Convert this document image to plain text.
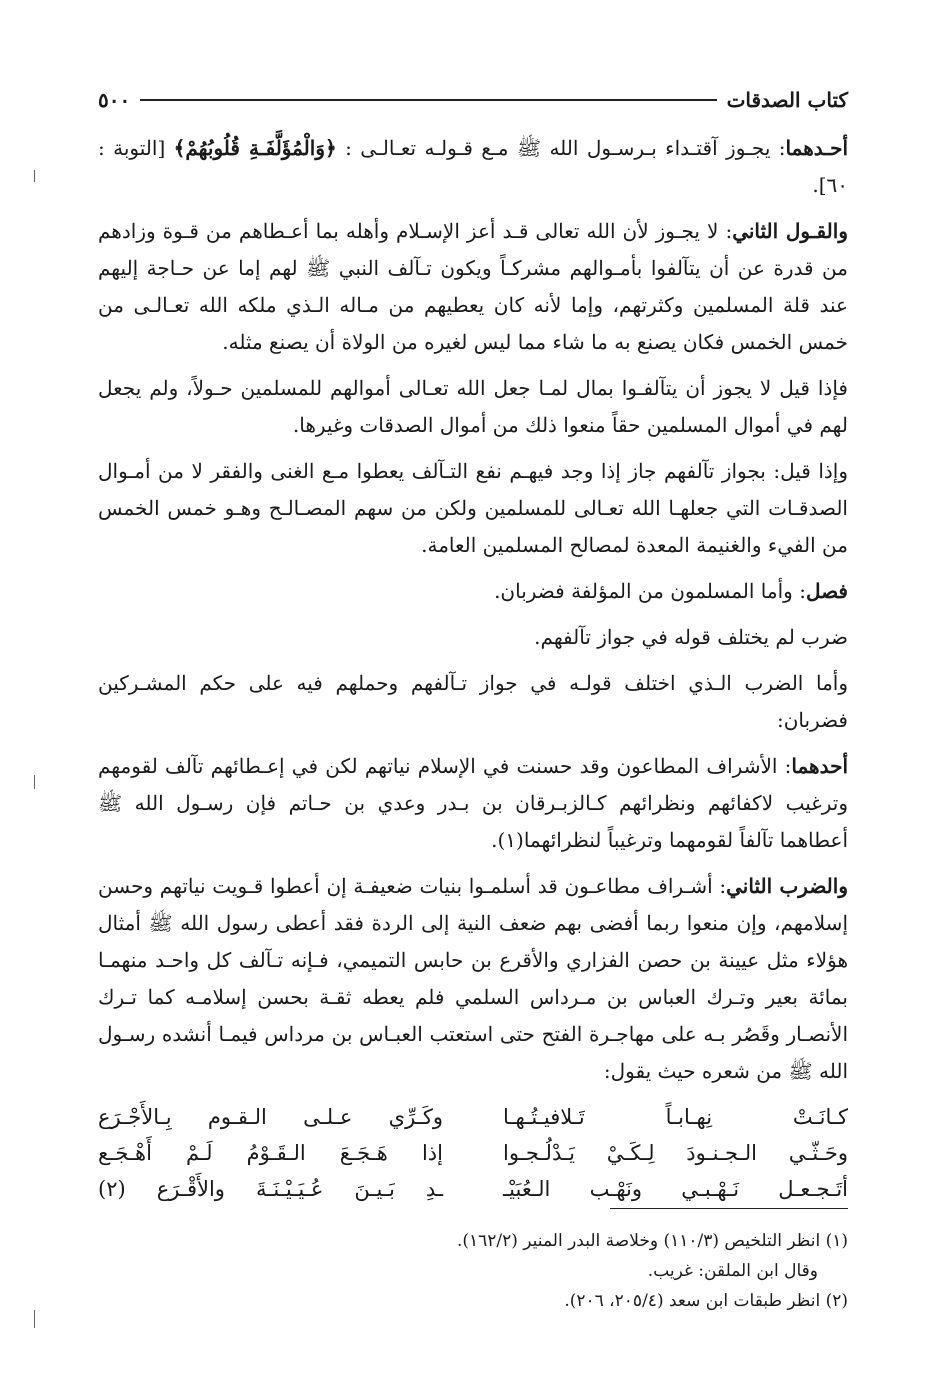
كتاب الصدقات
٥٠٠

أحـدهما: يجـوز آقتـداء بـرسـول الله ﷺ مـع قـولـه تعـالـى : ﴿وَالْمُؤَلَّفَـةِ قُلُوبُهُمْ﴾ [التوبة : ٦٠].

والقـول الثاني: لا يجـوز لأن الله تعالى قـد أعز الإسـلام وأهله بما أعـطاهم من قـوة وزادهم من قدرة عن أن يتآلفوا بأمـوالهم مشركـاً ويكون تـآلف النبي ﷺ لهم إما عن حـاجة إليهم عند قلة المسلمين وكثرتهم، وإما لأنه كان يعطيهم من مـاله الـذي ملكه الله تعـالـى من خمس الخمس فكان يصنع به ما شاء مما ليس لغيره من الولاة أن يصنع مثله.

فإذا قيل لا يجوز أن يتآلفـوا بمال لمـا جعل الله تعـالى أموالهم للمسلمين حـولاً، ولم يجعل لهم في أموال المسلمين حقاً منعوا ذلك من أموال الصدقات وغيرها.

وإذا قيل: بجواز تآلفهم جاز إذا وجد فيهـم نفع التـآلف يعطوا مـع الغنى والفقر لا من أمـوال الصدقـات التي جعلهـا الله تعـالى للمسلمين ولكن من سهم المصـالـح وهـو خمس الخمس من الفيء والغنيمة المعدة لمصالح المسلمين العامة.

فصل: وأما المسلمون من المؤلفة فضربان.

ضرب لم يختلف قوله في جواز تآلفهم.

وأما الضرب الـذي اختلف قولـه في جواز تـآلفهم وحملهم فيه على حكم المشـركين فضربان:

أحدهما: الأشراف المطاعون وقد حسنت في الإسلام نياتهم لكن في إعـطائهم تآلف لقومهم وترغيب لاكفائهم ونظرائهم كـالزبـرقان بن بـدر وعدي بن حـاتم فإن رسـول الله ﷺ أعطاهما تآلفاً لقومهما وترغيباً لنظرائهما(١).

والضرب الثاني: أشـراف مطاعـون قد أسلمـوا بنيات ضعيفـة إن أعطوا قـويت نياتهم وحسن إسلامهم، وإن منعوا ربما أفضى بهم ضعف النية إلى الردة فقد أعطى رسول الله ﷺ أمثال هؤلاء مثل عيينة بن حصن الفزاري والأقرع بن حابس التميمي، فـإنه تـآلف كل واحـد منهمـا بمائة بعير وتـرك العباس بن مـرداس السلمي فلم يعطه ثقـة بحسن إسلامـه كما تـرك الأنصـار وقَصُر بـه على مهاجـرة الفتح حتى استعتب العبـاس بن مرداس فيمـا أنشده رسـول الله ﷺ من شعره حيث يقول:

كـانَـتْ نِهـابـاً تَـلافيـتُـهـا
وكَـرِّي عـلـى الـقـوم بِـالأَجْـرَع
وحَـثّـي الـجـنـودَ لِـكَـيْ يَـدْلُـجـوا
إذا هَـجَـعَ الـقَـوْمُ لَـمْ أَهْـجَـع
أتَـجـعـل نَـهْـبـي ونَهْـب الـعُبَيْـ
ـدِ بَـيـنَ عُـيَـيْـنَـةَ والأَقْـرَع (٢)

(١) انظر التلخيص (١١٠/٣) وخلاصة البدر المنير (١٦٢/٢).

وقال ابن الملقن: غريب.

(٢) انظر طبقات ابن سعد (٢٠٥/٤، ٢٠٦).
